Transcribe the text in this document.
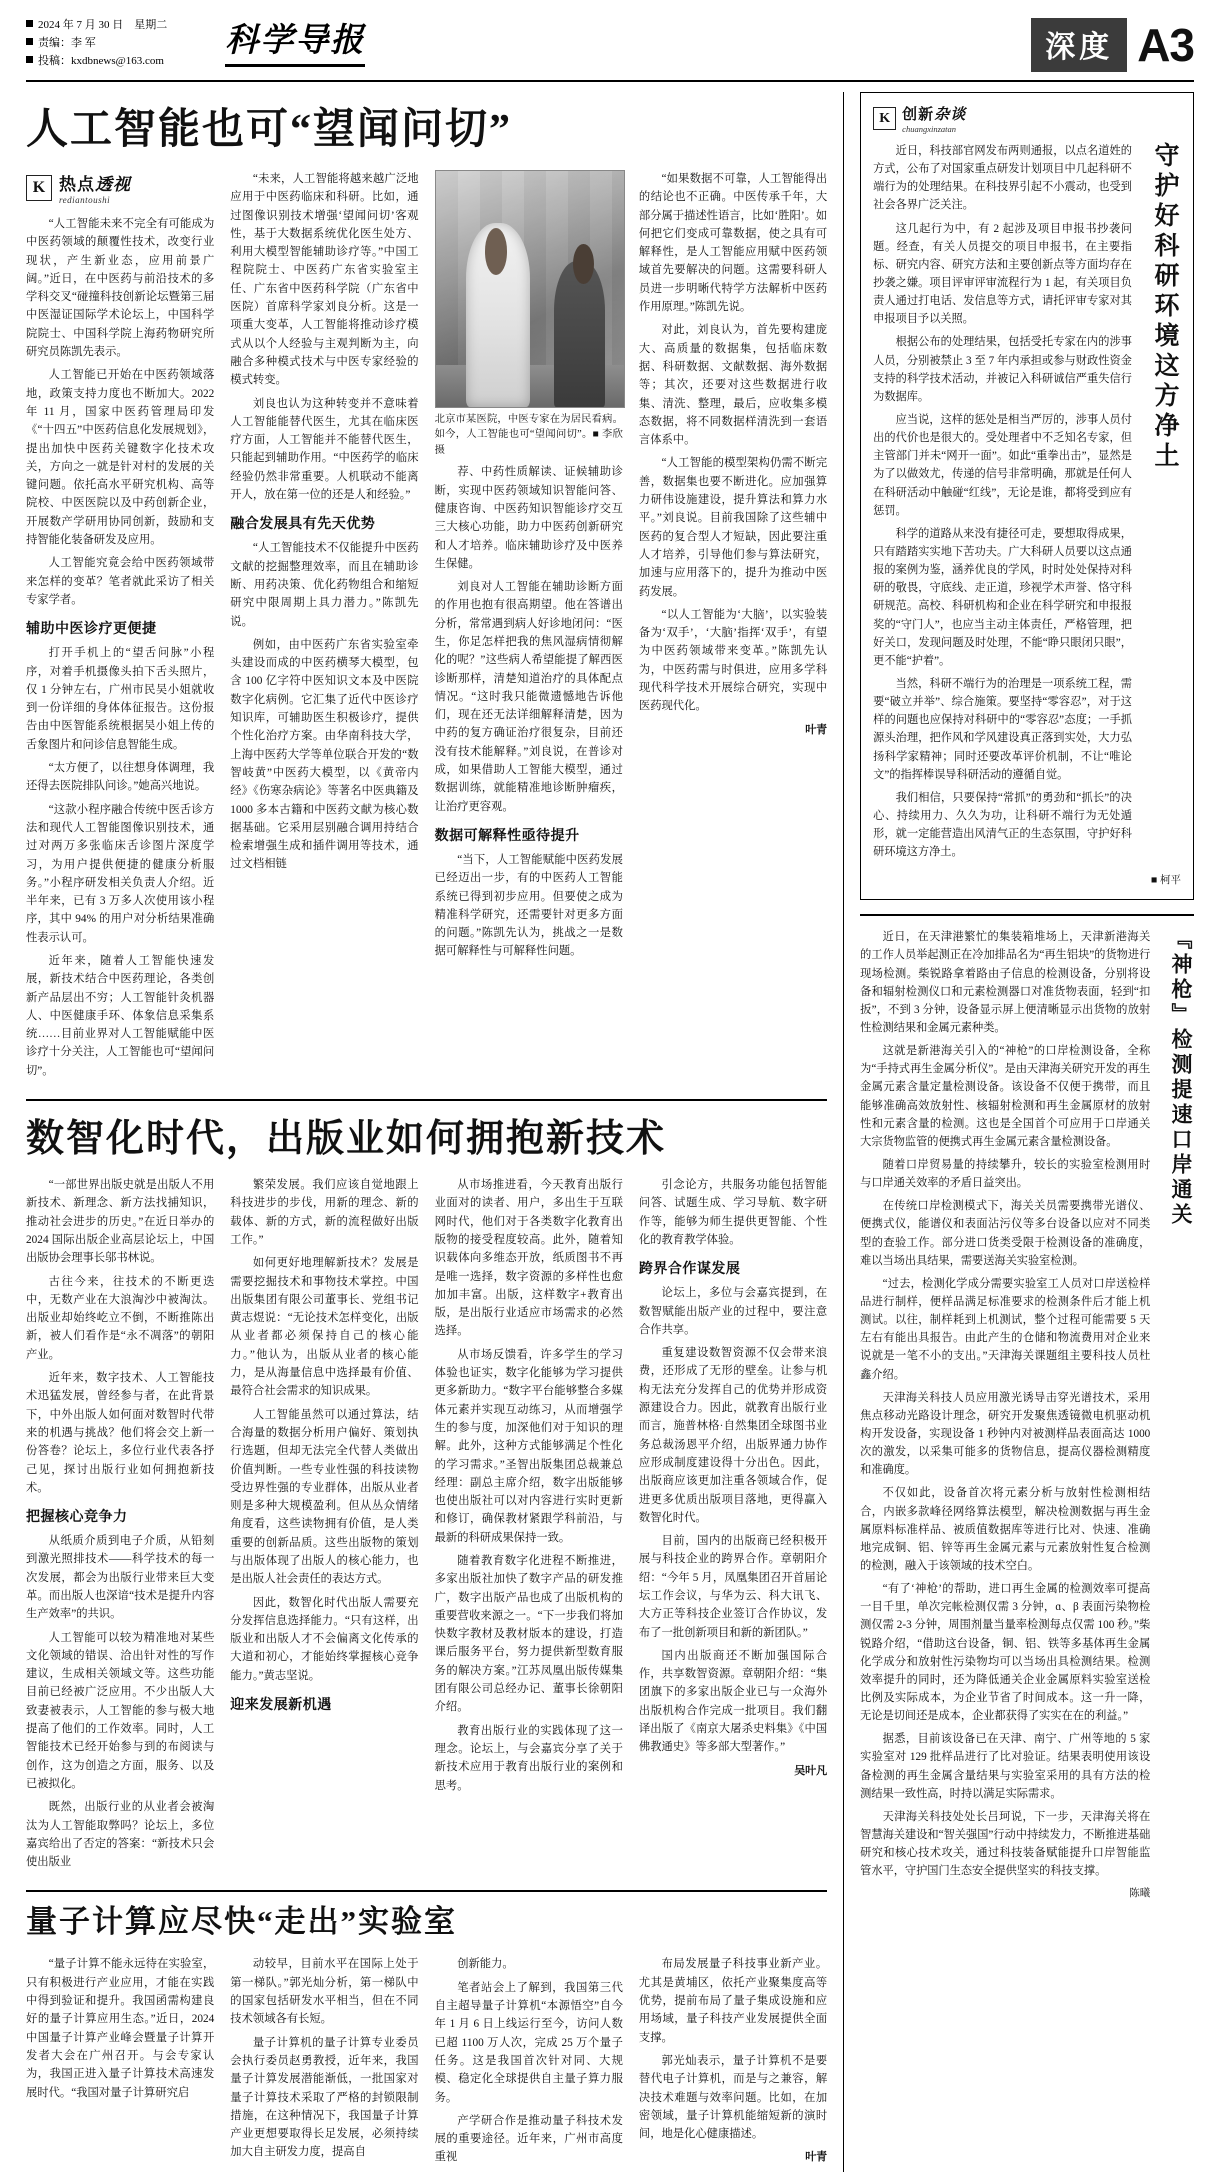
2024 年 7 月 30 日　星期二
责编：李 军
投稿：kxdbnews@163.com
科学导报	深度 A3
人工智能也可“望闻问切”
K 热点透视
rediantoushi

“人工智能未来不完全有可能成为中医药领域的颠覆性技术，改变行业现状，产生新业态，应用前景广阔。”近日，在中医药与前沿技术的多学科交叉“碰撞科技创新论坛暨第三届中医湿证国际学术论坛上，中国科学院院士、中国科学院上海药物研究所研究员陈凯先表示。

人工智能已开始在中医药领域落地，政策支持力度也不断加大。2022 年 11 月，国家中医药管理局印发《“十四五”中医药信息化发展规划》，提出加快中医药关键数字化技术攻关，方向之一就是针对村的发展的关键问题。依托高水平研究机构、高等院校、中医医院以及中药创新企业，开展数产学研用协同创新，鼓励和支持智能化装备研发及应用。

人工智能究竟会给中医药领域带来怎样的变革？笔者就此采访了相关专家学者。

辅助中医诊疗更便捷

打开手机上的“望舌问脉”小程序，对着手机摄像头拍下舌头照片，仅 1 分钟左右，广州市民吴小姐就收到一份详细的身体体征报告。这份报告由中医智能系统根据吴小姐上传的舌象图片和问诊信息智能生成。

“太方便了，以往想身体调理，我还得去医院排队问诊。”她高兴地说。

“这款小程序融合传统中医舌诊方法和现代人工智能图像识别技术，通过对两万多张临床舌诊图片深度学习，为用户提供便捷的健康分析服务。”小程序研发相关负责人介绍。近半年来，已有 3 万多人次使用该小程序，其中 94% 的用户对分析结果准确性表示认可。

近年来，随着人工智能快速发展，新技术结合中医药理论，各类创新产品层出不穷；人工智能针灸机器人、中医健康手环、体象信息采集系统……目前业界对人工智能赋能中医诊疗十分关注，人工智能也可“望闻问切”。

“未来，人工智能将越来越广泛地应用于中医药临床和科研。比如，通过图像识别技术增强‘望闻问切’客观性，基于大数据系统优化医生处方、利用大模型智能辅助诊疗等。”中国工程院院士、中医药广东省实验室主任、广东省中医药科学院（广东省中医院）首席科学家刘良分析。这是一项重大变革，人工智能将推动诊疗模式从以个人经验与主观判断为主，向融合多种模式技术与中医专家经验的模式转变。

刘良也认为这种转变并不意味着人工智能能替代医生，尤其在临床医疗方面，人工智能并不能替代医生，只能起到辅助作用。“中医药学的临床经验仍然非常重要。人机联动不能离开人，放在第一位的还是人和经验。”

融合发展具有先天优势

“人工智能技术不仅能提升中医药文献的挖掘整理效率，而且在辅助诊断、用药决策、优化药物组合和缩短研究中限周期上具力潜力。”陈凯先说。

例如，由中医药广东省实验室牵头建设而成的中医药横琴大模型，包含 100 亿字符中医知识文本及中医院数字化病例。它汇集了近代中医诊疗知识库，可辅助医生积极诊疗，提供个性化治疗方案。由华南科技大学，上海中医药大学等单位联合开发的“数智岐黄”中医药大模型，以《黄帝内经》《伤寒杂病论》等著名中医典籍及1000 多本古籍和中医药文献为核心数据基础。它采用层别融合调用持结合检索增强生成和插件调用等技术，通过文档相链

北京市某医院，中医专家在为居民看病。如今，人工智能也可“望闻问切”。■ 李欣摄

荐、中药性质解读、证候辅助诊断，实现中医药领域知识智能问答、健康咨询、中医药知识智能诊疗交互三大核心功能，助力中医药创新研究和人才培养。临床辅助诊疗及中医养生保健。

刘良对人工智能在辅助诊断方面的作用也抱有很高期望。他在答谱出分析，常常遇到病人好诊地闭问：“医生，你足怎样把我的焦风湿病情彻解化的呢？”这些病人希望能提了解西医诊断那样，清楚知道治疗的具体配点情况。“这时我只能微遗憾地告诉他们，现在还无法详细解释清楚，因为中药的复方确证治疗很复杂，目前还没有技术能解释。”刘良说，在普诊对成，如果借助人工智能大模型，通过数据训练，就能精准地诊断肿瘤疾，让治疗更容观。

数据可解释性亟待提升

“当下，人工智能赋能中医药发展已经迈出一步，有的中医药人工智能系统已得到初步应用。但要使之成为精准科学研究，还需要针对更多方面的问题。”陈凯先认为，挑战之一是数据可解释性与可解释性问题。

“如果数据不可靠，人工智能得出的结论也不正确。中医传承千年，大部分属于描述性语言，比如‘胜阳’。如何把它们变成可靠数据，使之具有可解释性，是人工智能应用赋中医药领域首先要解决的问题。这需要科研人员进一步明晰代特学方法解析中医药作用原理。”陈凯先说。

对此，刘良认为，首先要构建庞大、高质量的数据集，包括临床数据、科研数据、文献数据、海外数据等；其次，还要对这些数据进行收集、清洗、整理，最后，应收集多模态数据，将不同数据样清洗到一套语言体系中。

“人工智能的模型架构仍需不断完善，数据集也要不断进化。应加强算力研伟设施建设，提升算法和算力水平。”刘良说。目前我国除了这些辅中医药的复合型人才短缺，因此要注重人才培养，引导他们参与算法研究，加速与应用落下的，提升为推动中医药发展。

“以人工智能为‘大脑’，以实验装备为‘双手’，‘大脑’指挥‘双手’，有望为中医药领域带来变革。”陈凯先认为，中医药需与时俱进，应用多学科现代科学技术开展综合研究，实现中医药现代化。

叶青
数智化时代，出版业如何拥抱新技术

“一部世界出版史就是出版人不用新技术、新理念、新方法找捕知识，推动社会进步的历史。”在近日举办的 2024 国际出版企业高层论坛上，中国出版协会理事长邬书林说。

古往今来，往技术的不断更迭中，无数产业在大浪淘沙中被淘汰。出版业却始终屹立不倒，不断推陈出新，被人们看作是“永不凋落”的朝阳产业。

近年来，数字技术、人工智能技术迅猛发展，曾经参与者，在此背景下，中外出版人如何面对数智时代带来的机遇与挑战？他们将会交上新一份答卷？论坛上，多位行业代表各抒己见，探讨出版行业如何拥抱新技术。

把握核心竞争力

从纸质介质到电子介质，从铅刻到激光照排技术——科学技术的每一次发展，都会为出版行业带来巨大变革。而出版人也深谙“技术是提升内容生产效率”的共识。

人工智能可以较为精准地对某些文化领域的错误、洽出针对性的写作建议，生成相关领域文等。这些功能目前已经被广泛应用。不少出版人大致妻被表示，人工智能的参与极大地提高了他们的工作效率。同时，人工智能技术已经开始参与到的布阅读与创作，这为创造之方面，服务、以及已被拟化。

既然，出版行业的从业者会被淘汰为人工智能取弊吗？论坛上，多位嘉宾给出了否定的答案：“新技术只会使出版业

繁荣发展。我们应该自觉地跟上科技进步的步伐，用新的理念、新的载体、新的方式，新的流程做好出版工作。”

如何更好地理解新技术？发展是需要挖掘技术和事物技术掌控。中国出版集团有限公司董事长、党组书记黄志煜说：“无论技术怎样变化，出版从业者都必须保持自己的核心能力。”他认为，出版从业者的核心能力，是从海量信息中选择最有价值、最符合社会需求的知识成果。

人工智能虽然可以通过算法，结合海量的数据分析用户偏好、策划执行选题，但却无法完全代替人类做出价值判断。一些专业性强的科技读物受边界性强的专业群体，出版从业者则是多种大规模盈利。但从丛众情绪角度看，这些读物拥有价值，是人类重要的创新品质。这些出版物的策划与出版体现了出版人的核心能力，也是出版人社会责任的表达方式。

因此，数智化时代出版人需要充分发挥信息选择能力。“只有这样，出版业和出版人才不会偏离文化传承的大道和初心，才能始终掌握核心竞争能力。”黄志坚说。

迎来发展新机遇

从市场推进看，今天教育出版行业面对的读者、用户，多出生于互联网时代，他们对于各类数字化教育出版物的接受程度较高。此外，随着知识载体向多维态开放，纸质图书不再是唯一选择，数字资源的多样性也愈加加丰富。出版，这样数字+教育出版，是出版行业适应市场需求的必然选择。

从市场反馈看，许多学生的学习体验也证实，数字化能够为学习提供更多新助力。“数字平台能够整合多媒体元素并实现互动练习，从而增强学生的参与度，加深他们对于知识的理解。此外，这种方式能够满足个性化的学习需求。”圣智出版集团总裁兼总经理：副总主席介绍，数字出版能够也使出版社可以对内容进行实时更新和修订，确保教材紧跟学科前沿，与最新的科研成果保持一致。

随着教育数字化进程不断推进，多家出版社加快了数字产品的研发推广，数字出版产品也成了出版机构的重要营收来源之一。“下一步我们将加快数字教材及教材版本的建设，打造课后服务平台，努力提供新型数育服务的解决方案。”江苏凤凰出版传媒集团有限公司总经办记、董事长徐朝阳介绍。

教育出版行业的实践体现了这一理念。论坛上，与会嘉宾分享了关于新技术应用于教育出版行业的案例和思考。

引念论方，共服务功能包括智能问答、试题生成、学习导航、数字研作等，能够为师生提供更智能、个性化的教育教学体验。

跨界合作谋发展

论坛上，多位与会嘉宾提到，在数智赋能出版产业的过程中，要注意合作共享。

重复建设数智资源不仅会带来浪费，还形成了无形的壁垒。让参与机构无法充分发挥自己的优势并形成资源建设合力。因此，就教育出版行业而言，施普林格·自然集团全球图书业务总裁汤恩平介绍，出版界通力协作应形成制度建设得十分出色。因此，出版商应该更加注重各领域合作，促进更多优质出版项目落地，更得赢入数智化时代。

目前，国内的出版商已经积极开展与科技企业的跨界合作。章朝阳介绍：“今年 5 月，凤凰集团召开首届论坛工作会议，与华为云、科大讯飞、大方正等科技企业签订合作协议，发布了一批创新项目和新的新团队。”

国内出版商还不断加强国际合作，共享数智资源。章朝阳介绍：“集团旗下的多家出版企业已与一众海外出版机构合作完成一批项目。我们翻译出版了《南京大屠杀史料集》《中国佛教通史》等多部大型著作。”

吴叶凡
量子计算应尽快“走出”实验室

“量子计算不能永远待在实验室，只有积极进行产业应用，才能在实践中得到验证和提升。我国函需构建良好的量子计算应用生态。”近日，2024 中国量子计算产业峰会暨量子计算开发者大会在广州召开。与会专家认为，我国正进入量子计算技术高速发展时代。“我国对量子计算研究启

动较早，目前水平在国际上处于第一梯队。”郭光灿分析，第一梯队中的国家包括研发水平相当，但在不同技术领域各有长短。

量子计算机的量子计算专业委员会执行委员赵勇教授，近年来，我国量子计算发展潜能渐低，一批国家对量子计算技术采取了严格的封锁限制措施，在这种情况下，我国量子计算产业更想要取得长足发展，必须持续加大自主研发力度，提高自

创新能力。

笔者站会上了解到，我国第三代自主超导量子计算机“本源悟空”自今年 1 月 6 日上线运行至今，访问人数已超 1100 万人次，完成 25 万个量子任务。这是我国首次针对同、大规模、稳定化全球提供自主量子算力服务。

产学研合作是推动量子科技术发展的重要途径。近年来，广州市高度重视

布局发展量子科技事业新产业。尤其是黄埔区，依托产业聚集度高等优势，提前布局了量子集成设施和应用场域，量子科技产业发展提供全面支撑。

郭光灿表示，量子计算机不是要替代电子计算机，而是与之兼容，解决技术难题与效率问题。比如，在加密领域，量子计算机能缩短新的演时间，地是化心健康描述。

叶青
K 创新杂谈
chuangxinzatan

近日，科技部官网发布两则通报，以点名道姓的方式，公布了对国家重点研发计划项目中几起科研不端行为的处理结果。在科技界引起不小震动，也受到社会各界广泛关注。

这几起行为中，有 2 起涉及项目申报书抄袭问题。经查，有关人员提交的项目申报书，在主要指标、研究内容、研究方法和主要创新点等方面均存在抄袭之嫌。项目评审评审流程行为 1 起，有关项目负责人通过打电话、发信息等方式，请托评审专家对其申报项目予以关照。

根据公布的处理结果，包括受托专家在内的涉事人员，分别被禁止 3 至 7 年内承担或参与财政性资金支持的科学技术活动，并被记入科研诚信严重失信行为数据库。

应当说，这样的惩处是相当严厉的，涉事人员付出的代价也是很大的。受处理者中不乏知名专家，但主管部门并未“网开一面”。如此“重拳出击”，显然是为了以做效尤，传递的信号非常明确，那就是任何人在科研活动中触碰“红线”，无论是谁，都将受到应有惩罚。

科学的道路从来没有捷径可走，要想取得成果，只有踏踏实实地下苦功夫。广大科研人员要以这点通报的案例为鉴，涵养优良的学风，时时处处保持对科研的敬畏，守底线、走正道，珍视学术声誉、恪守科研规范。高校、科研机构和企业在科学研究和申报报奖的“守门人”，也应当主动主体责任，严格管理，把好关口，发现问题及时处理，不能“睁只眼闭只眼”，更不能“护着”。

当然，科研不端行为的治理是一项系统工程，需要“破立并举”、综合施策。要坚持“零容忍”，对于这样的问题也应保持对科研中的“零容忍”态度；一手抓源头治理，把作风和学风建设真正落到实处，大力弘扬科学家精神；同时还要改革评价机制，不让“唯论文”的指挥棒误导科研活动的遵循自觉。

我们相信，只要保持“常抓”的勇劲和“抓长”的决心、持续用力、久久为功，让科研不端行为无处遁形，就一定能营造出风清气正的生态氛围，守护好科研环境这方净土。

守护好科研环境这方净土
■ 柯平

近日，在天津港繁忙的集装箱堆场上，天津新港海关的工作人员举起测正在冷加排品名为“再生铝块”的货物进行现场检测。柴锐路拿着路由子信息的检测设备，分别将设备和辐射检测仪口和元素检测器口对准货物表面，轻到“扣扳”，不到 3 分钟，设备显示屏上便清晰显示出货物的放射性检测结果和金属元素种类。

这就是新港海关引入的“神枪”的口岸检测设备，全称为“手持式再生金属分析仪”。是由天津海关研究开发的再生金属元素含量定量检测设备。该设备不仅便于携带，而且能够准确高效放射性、核辐射检测和再生金属原材的放射性和元素含量的检测。这也是全国首个可应用于口岸通关大宗货物监管的便携式再生金属元素含量检测设备。

随着口岸贸易量的持续攀升，较长的实验室检测用时与口岸通关效率的矛盾日益突出。

在传统口岸检测模式下，海关关员需要携带光谱仪、便携式仪，能谱仪和表面沾污仪等多台设备以应对不同类型的查验工作。部分进口货类受限于检测设备的准确度，难以当场出具结果，需要送海关实验室检测。

“过去，检测化学成分需要实验室工人员对口岸送检样品进行制样，便样品满足标准要求的检测条件后才能上机测试。以往，制样耗到上机测试，整个过程可能需要 5 天左右有能出具报告。由此产生的仓储和物流费用对企业来说就是一笔不小的支出。”天津海关课题组主要科技人员杜鑫介绍。

天津海关科技人员应用激光诱导击穿光谱技术，采用焦点移动光路设计理念，研究开发聚焦透镜微电机驱动机构开发设备，实现设备 1 秒钟内对被测样品表面高达 1000 次的激发，以采集可能多的货物信息，提高仪器检测精度和准确度。

不仅如此，设备首次将元素分析与放射性检测相结合，内嵌多款峰径网络算法模型，解决检测数据与再生金属原料标准样品、被质值数据库等进行比对、快速、准确地完成铜、铝、锌等再生金属元素与元素放射性复合检测的检测，融入于该领域的技术空白。

“有了‘神枪’的帮助，进口再生金属的检测效率可提高一目千里，单次完帐检测仅需 3 分钟，ɑ、β 表面污染物检测仅需 2-3 分钟，周围剂量当量率检测每点仅需 100 秒。”柴锐路介绍，“借助这台设备，铜、铝、铁等多基体再生金属化学成分和放射性污染物均可以当场出具检测结果。检测效率提升的同时，还为降低通关企业金属原料实验室送检比例及实际成本，为企业节省了时间成本。这一升一降，无论是切间还是成本，企业都获得了实实在在的利益。”

据悉，目前该设备已在天津、南宁、广州等地的 5 家实验室对 129 批样品进行了比对验证。结果表明使用该设备检测的再生金属含量结果与实验室采用的具有方法的检测结果一致性高，时持以满足实际需求。

天津海关科技处处长吕珂说，下一步，天津海关将在智慧海关建设和“智关强国”行动中持续发力，不断推进基础研究和核心技术攻关，通过科技装备赋能提升口岸智能监管水平，守护国门生态安全提供坚实的科技支撑。

陈曦
『神枪』检测提速口岸通关
